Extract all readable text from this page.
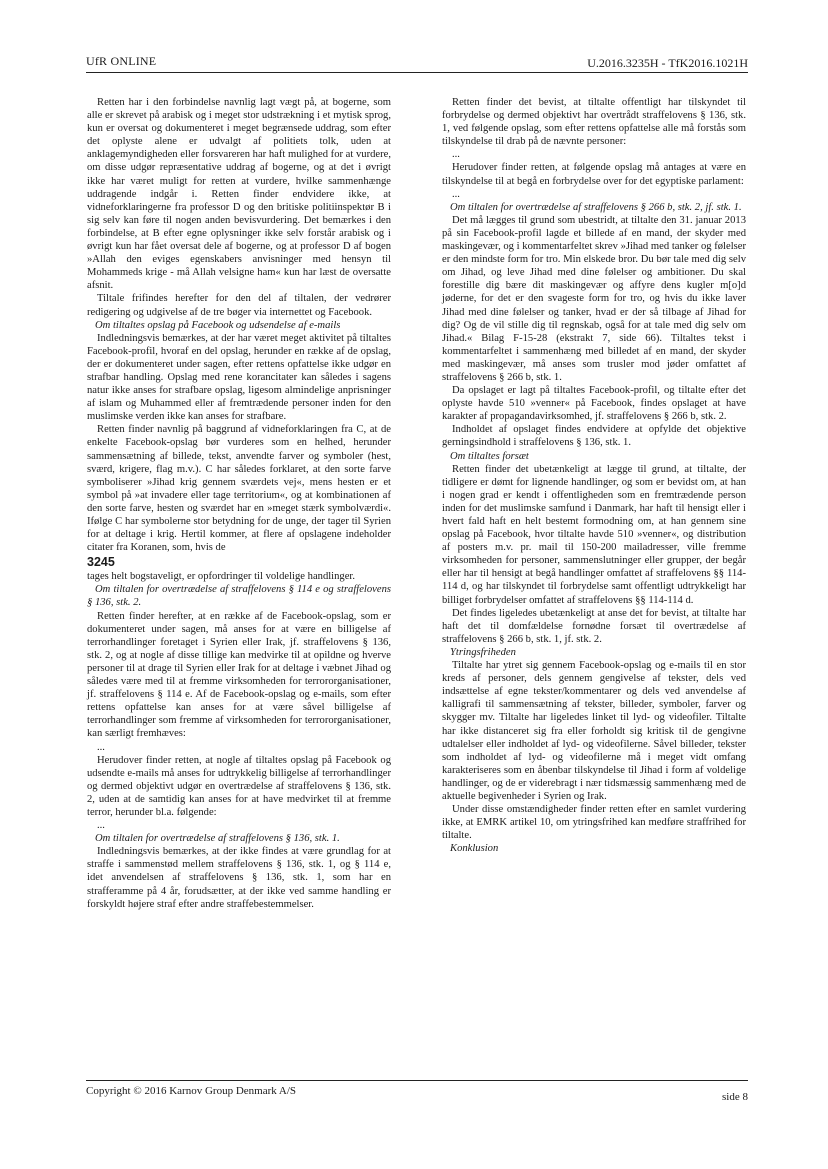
UfR ONLINE	U.2016.3235H - TfK2016.1021H

Retten har i den forbindelse navnlig lagt vægt på, at bogerne, som alle er skrevet på arabisk og i meget stor udstrækning i et mytisk sprog, kun er oversat og dokumenteret i meget begrænsede uddrag, som efter det oplyste alene er udvalgt af politiets tolk, uden at anklagemyndigheden eller forsvareren har haft mulighed for at vurdere, om disse udgør repræsentative uddrag af bogerne, og at det i øvrigt ikke har været muligt for retten at vurdere, hvilke sammenhænge uddragende indgår i. Retten finder endvidere ikke, at vidneforklaringerne fra professor D og den britiske politiinspektør B i sig selv kan føre til nogen anden bevisvurdering. Det bemærkes i den forbindelse, at B efter egne oplysninger ikke selv forstår arabisk og i øvrigt kun har fået oversat dele af bogerne, og at professor D af bogen »Allah den eviges egenskabers anvisninger med hensyn til Mohammeds krige - må Allah velsigne ham« kun har læst de oversatte afsnit.

Tiltale frifindes herefter for den del af tiltalen, der vedrører redigering og udgivelse af de tre bøger via internettet og Facebook.

Om tiltaltes opslag på Facebook og udsendelse af e-mails

Indledningsvis bemærkes, at der har været meget aktivitet på tiltaltes Facebook-profil, hvoraf en del opslag, herunder en række af de opslag, der er dokumenteret under sagen, efter rettens opfattelse ikke udgør en strafbar handling. Opslag med rene korancitater kan således i sagens natur ikke anses for strafbare opslag, ligesom almindelige anprisninger af islam og Muhammed eller af fremtrædende personer inden for den muslimske verden ikke kan anses for strafbare.

Retten finder navnlig på baggrund af vidneforklaringen fra C, at de enkelte Facebook-opslag bør vurderes som en helhed, herunder sammensætning af billede, tekst, anvendte farver og symboler (hest, sværd, krigere, flag m.v.). C har således forklaret, at den sorte farve symboliserer »Jihad krig gennem sværdets vej«, mens hesten er et symbol på »at invadere eller tage territorium«, og at kombinationen af den sorte farve, hesten og sværdet har en »meget stærk symbolværdi«. Ifølge C har symbolerne stor betydning for de unge, der tager til Syrien for at deltage i krig. Hertil kommer, at flere af opslagene indeholder citater fra Koranen, som, hvis de

3245

tages helt bogstaveligt, er opfordringer til voldelige handlinger.

Om tiltalen for overtrædelse af straffelovens § 114 e og straffelovens § 136, stk. 2.

Retten finder herefter, at en række af de Facebook-opslag, som er dokumenteret under sagen, må anses for at være en billigelse af terrorhandlinger foretaget i Syrien eller Irak, jf. straffelovens § 136, stk. 2, og at nogle af disse tillige kan medvirke til at opildne og hverve personer til at drage til Syrien eller Irak for at deltage i væbnet Jihad og således være med til at fremme virksomheden for terrororganisationer, jf. straffelovens § 114 e. Af de Facebook-opslag og e-mails, som efter rettens opfattelse kan anses for at være såvel billigelse af terrorhandlinger som fremme af virksomheden for terrororganisationer, kan særligt fremhæves:

...

Herudover finder retten, at nogle af tiltaltes opslag på Facebook og udsendte e-mails må anses for udtrykkelig billigelse af terrorhandlinger og dermed objektivt udgør en overtrædelse af straffelovens § 136, stk. 2, uden at de samtidig kan anses for at have medvirket til at fremme terror, herunder bl.a. følgende:

...

Om tiltalen for overtrædelse af straffelovens § 136, stk. 1.

Indledningsvis bemærkes, at der ikke findes at være grundlag for at straffe i sammenstød mellem straffelovens § 136, stk. 1, og § 114 e, idet anvendelsen af straffelovens § 136, stk. 1, som har en strafferamme på 4 år, forudsætter, at der ikke ved samme handling er forskyldt højere straf efter andre straffebestemmelser.

Retten finder det bevist, at tiltalte offentligt har tilskyndet til forbrydelse og dermed objektivt har overtrådt straffelovens § 136, stk. 1, ved følgende opslag, som efter rettens opfattelse alle må forstås som tilskyndelse til drab på de nævnte personer:

...

Herudover finder retten, at følgende opslag må antages at være en tilskyndelse til at begå en forbrydelse over for det egyptiske parlament:

...

Om tiltalen for overtrædelse af straffelovens § 266 b, stk. 2, jf. stk. 1.

Det må lægges til grund som ubestridt, at tiltalte den 31. januar 2013 på sin Facebook-profil lagde et billede af en mand, der skyder med maskingevær, og i kommentarfeltet skrev »Jihad med tanker og følelser er den mindste form for tro. Min elskede bror. Du bør tale med dig selv om Jihad, og leve Jihad med dine følelser og ambitioner. Du skal forestille dig bære dit maskingevær og affyre dens kugler m[o]d jøderne, for det er den svageste form for tro, og hvis du ikke laver Jihad med dine følelser og tanker, hvad er der så tilbage af Jihad for dig? Og de vil stille dig til regnskab, også for at tale med dig selv om Jihad.« Bilag F-15-28 (ekstrakt 7, side 66). Tiltaltes tekst i kommentarfeltet i sammenhæng med billedet af en mand, der skyder med maskingevær, må anses som trusler mod jøder omfattet af straffelovens § 266 b, stk. 1.

Da opslaget er lagt på tiltaltes Facebook-profil, og tiltalte efter det oplyste havde 510 »venner« på Facebook, findes opslaget at have karakter af propagandavirksomhed, jf. straffelovens § 266 b, stk. 2.

Indholdet af opslaget findes endvidere at opfylde det objektive gerningsindhold i straffelovens § 136, stk. 1.

Om tiltaltes forsæt

Retten finder det ubetænkeligt at lægge til grund, at tiltalte, der tidligere er dømt for lignende handlinger, og som er bevidst om, at han i nogen grad er kendt i offentligheden som en fremtrædende person inden for det muslimske samfund i Danmark, har haft til hensigt eller i hvert fald haft en helt bestemt formodning om, at han gennem sine opslag på Facebook, hvor tiltalte havde 510 »venner«, og distribution af posters m.v. pr. mail til 150-200 mailadresser, ville fremme virksomheden for personer, sammenslutninger eller grupper, der begår eller har til hensigt at begå handlinger omfattet af straffelovens §§ 114-114 d, og har tilskyndet til forbrydelse samt offentligt udtrykkeligt har billiget forbrydelser omfattet af straffelovens §§ 114-114 d.

Det findes ligeledes ubetænkeligt at anse det for bevist, at tiltalte har haft det til domfældelse fornødne forsæt til overtrædelse af straffelovens § 266 b, stk. 1, jf. stk. 2.

Ytringsfriheden

Tiltalte har ytret sig gennem Facebook-opslag og e-mails til en stor kreds af personer, dels gennem gengivelse af tekster, dels ved indsættelse af egne tekster/kommentarer og dels ved anvendelse af kalligrafi til sammensætning af tekster, billeder, symboler, farver og skygger mv. Tiltalte har ligeledes linket til lyd- og videofiler. Tiltalte har ikke distanceret sig fra eller forholdt sig kritisk til de gengivne udtalelser eller indholdet af lyd- og videofilerne. Såvel billeder, tekster som indholdet af lyd- og videofilerne må i meget vidt omfang karakteriseres som en åbenbar tilskyndelse til Jihad i form af voldelige handlinger, og de er viderebragt i nær tidsmæssig sammenhæng med de aktuelle begivenheder i Syrien og Irak.

Under disse omstændigheder finder retten efter en samlet vurdering ikke, at EMRK artikel 10, om ytringsfrihed kan medføre straffrihed for tiltalte.

Konklusion

Copyright © 2016 Karnov Group Denmark A/S	side 8
